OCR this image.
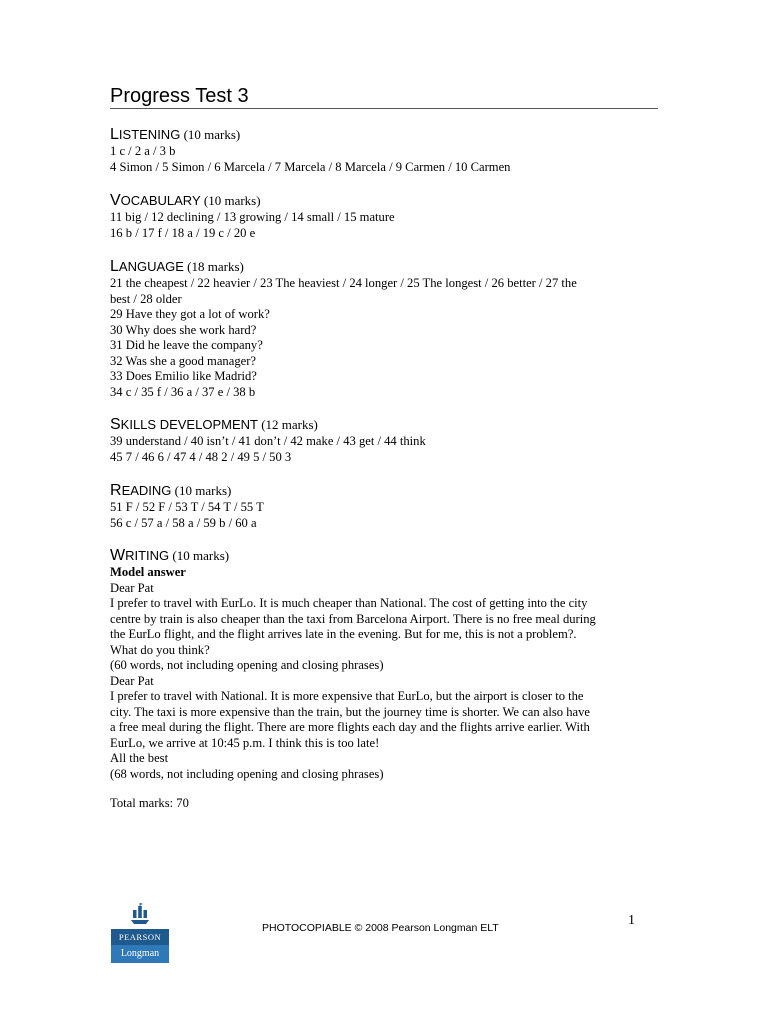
Progress Test 3
LISTENING (10 marks)
1 c / 2 a / 3 b
4 Simon / 5 Simon / 6 Marcela / 7 Marcela / 8 Marcela / 9 Carmen / 10 Carmen
VOCABULARY (10 marks)
11 big / 12 declining / 13 growing / 14 small / 15 mature
16 b / 17 f / 18 a / 19 c / 20 e
LANGUAGE (18 marks)
21 the cheapest / 22 heavier / 23 The heaviest / 24 longer / 25 The longest / 26 better / 27 the
best / 28 older
29 Have they got a lot of work?
30 Why does she work hard?
31 Did he leave the company?
32 Was she a good manager?
33 Does Emilio like Madrid?
34 c / 35 f / 36 a / 37 e / 38 b
SKILLS DEVELOPMENT (12 marks)
39 understand / 40 isn’t / 41 don’t / 42 make / 43 get / 44 think
45 7 / 46 6 / 47 4 / 48 2 / 49 5 / 50 3
READING (10 marks)
51 F / 52 F / 53 T / 54 T / 55 T
56 c / 57 a / 58 a / 59 b / 60 a
WRITING (10 marks)
Model answer
Dear Pat
I prefer to travel with EurLo. It is much cheaper than National. The cost of getting into the city
centre by train is also cheaper than the taxi from Barcelona Airport. There is no free meal during
the EurLo flight, and the flight arrives late in the evening. But for me, this is not a problem?.
What do you think?
(60 words, not including opening and closing phrases)
Dear Pat
I prefer to travel with National. It is more expensive that EurLo, but the airport is closer to the
city. The taxi is more expensive than the train, but the journey time is shorter. We can also have
a free meal during the flight. There are more flights each day and the flights arrive earlier. With
EurLo, we arrive at 10:45 p.m. I think this is too late!
All the best
(68 words, not including opening and closing phrases)
Total marks: 70
PEARSON
Longman
PHOTOCOPIABLE © 2008 Pearson Longman ELT	1
